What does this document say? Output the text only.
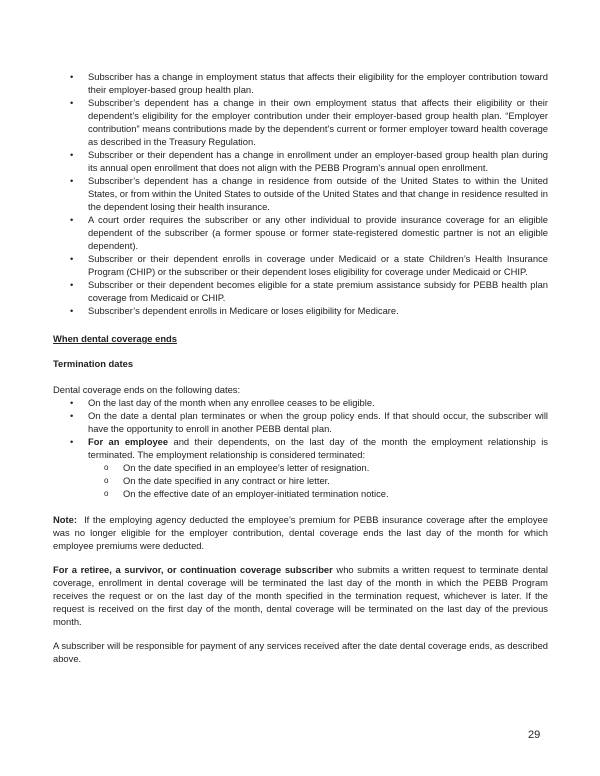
• Subscriber has a change in employment status that affects their eligibility for the employer contribution toward their employer-based group health plan.
• Subscriber’s dependent has a change in their own employment status that affects their eligibility or their dependent’s eligibility for the employer contribution under their employer-based group health plan. “Employer contribution” means contributions made by the dependent’s current or former employer toward health coverage as described in the Treasury Regulation.
• Subscriber or their dependent has a change in enrollment under an employer-based group health plan during its annual open enrollment that does not align with the PEBB Program’s annual open enrollment.
• Subscriber’s dependent has a change in residence from outside of the United States to within the United States, or from within the United States to outside of the United States and that change in residence resulted in the dependent losing their health insurance.
• A court order requires the subscriber or any other individual to provide insurance coverage for an eligible dependent of the subscriber (a former spouse or former state-registered domestic partner is not an eligible dependent).
• Subscriber or their dependent enrolls in coverage under Medicaid or a state Children’s Health Insurance Program (CHIP) or the subscriber or their dependent loses eligibility for coverage under Medicaid or CHIP.
• Subscriber or their dependent becomes eligible for a state premium assistance subsidy for PEBB health plan coverage from Medicaid or CHIP.
• Subscriber’s dependent enrolls in Medicare or loses eligibility for Medicare.
When dental coverage ends
Termination dates
Dental coverage ends on the following dates:
• On the last day of the month when any enrollee ceases to be eligible.
• On the date a dental plan terminates or when the group policy ends. If that should occur, the subscriber will have the opportunity to enroll in another PEBB dental plan.
• For an employee and their dependents, on the last day of the month the employment relationship is terminated. The employment relationship is considered terminated:
o On the date specified in an employee’s letter of resignation.
o On the date specified in any contract or hire letter.
o On the effective date of an employer-initiated termination notice.
Note:  If the employing agency deducted the employee’s premium for PEBB insurance coverage after the employee was no longer eligible for the employer contribution, dental coverage ends the last day of the month for which employee premiums were deducted.
For a retiree, a survivor, or continuation coverage subscriber who submits a written request to terminate dental coverage, enrollment in dental coverage will be terminated the last day of the month in which the PEBB Program receives the request or on the last day of the month specified in the termination request, whichever is later. If the request is received on the first day of the month, dental coverage will be terminated on the last day of the previous month.
A subscriber will be responsible for payment of any services received after the date dental coverage ends, as described above.
29
